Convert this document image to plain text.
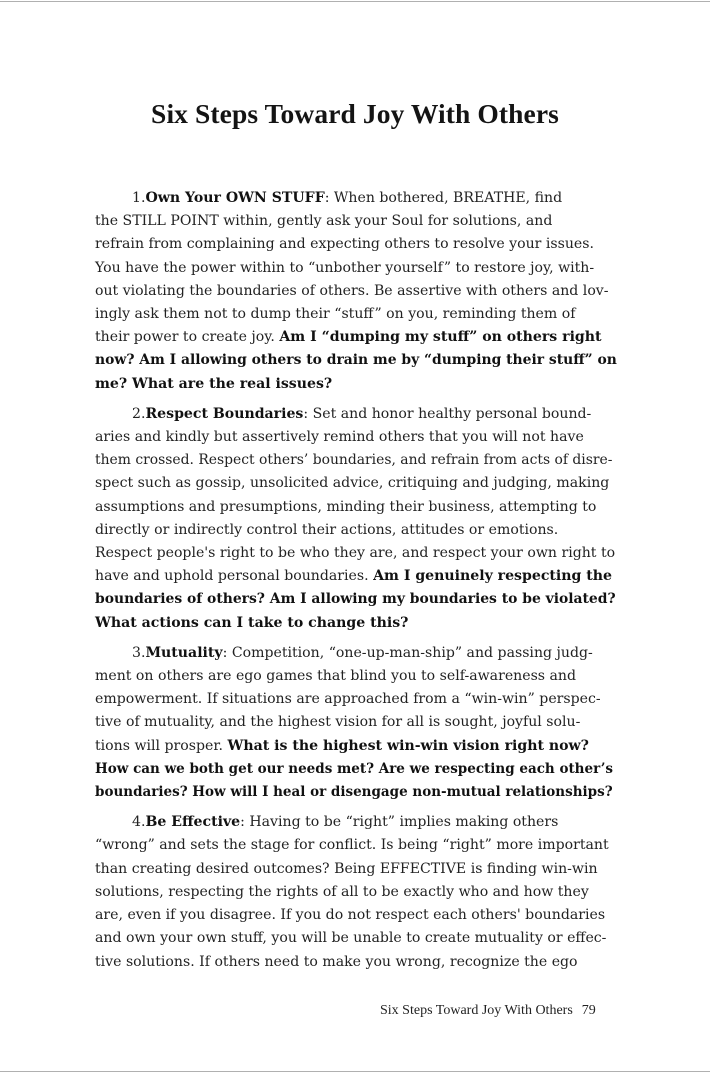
Six Steps Toward Joy With Others

1.Own Your OWN STUFF: When bothered, BREATHE, find
the STILL POINT within, gently ask your Soul for solutions, and
refrain from complaining and expecting others to resolve your issues.
You have the power within to “unbother yourself” to restore joy, with-
out violating the boundaries of others. Be assertive with others and lov-
ingly ask them not to dump their “stuff” on you, reminding them of
their power to create joy. Am I “dumping my stuff” on others right
now? Am I allowing others to drain me by “dumping their stuff” on
me? What are the real issues?

2.Respect Boundaries: Set and honor healthy personal bound-
aries and kindly but assertively remind others that you will not have
them crossed. Respect others’ boundaries, and refrain from acts of disre-
spect such as gossip, unsolicited advice, critiquing and judging, making
assumptions and presumptions, minding their business, attempting to
directly or indirectly control their actions, attitudes or emotions.
Respect people's right to be who they are, and respect your own right to
have and uphold personal boundaries. Am I genuinely respecting the
boundaries of others? Am I allowing my boundaries to be violated?
What actions can I take to change this?

3.Mutuality: Competition, “one-up-man-ship” and passing judg-
ment on others are ego games that blind you to self-awareness and
empowerment. If situations are approached from a “win-win” perspec-
tive of mutuality, and the highest vision for all is sought, joyful solu-
tions will prosper. What is the highest win-win vision right now?
How can we both get our needs met? Are we respecting each other’s
boundaries? How will I heal or disengage non-mutual relationships?

4.Be Effective: Having to be “right” implies making others
“wrong” and sets the stage for conflict. Is being “right” more important
than creating desired outcomes? Being EFFECTIVE is finding win-win
solutions, respecting the rights of all to be exactly who and how they
are, even if you disagree. If you do not respect each others' boundaries
and own your own stuff, you will be unable to create mutuality or effec-
tive solutions. If others need to make you wrong, recognize the ego

Six Steps Toward Joy With Others 79
